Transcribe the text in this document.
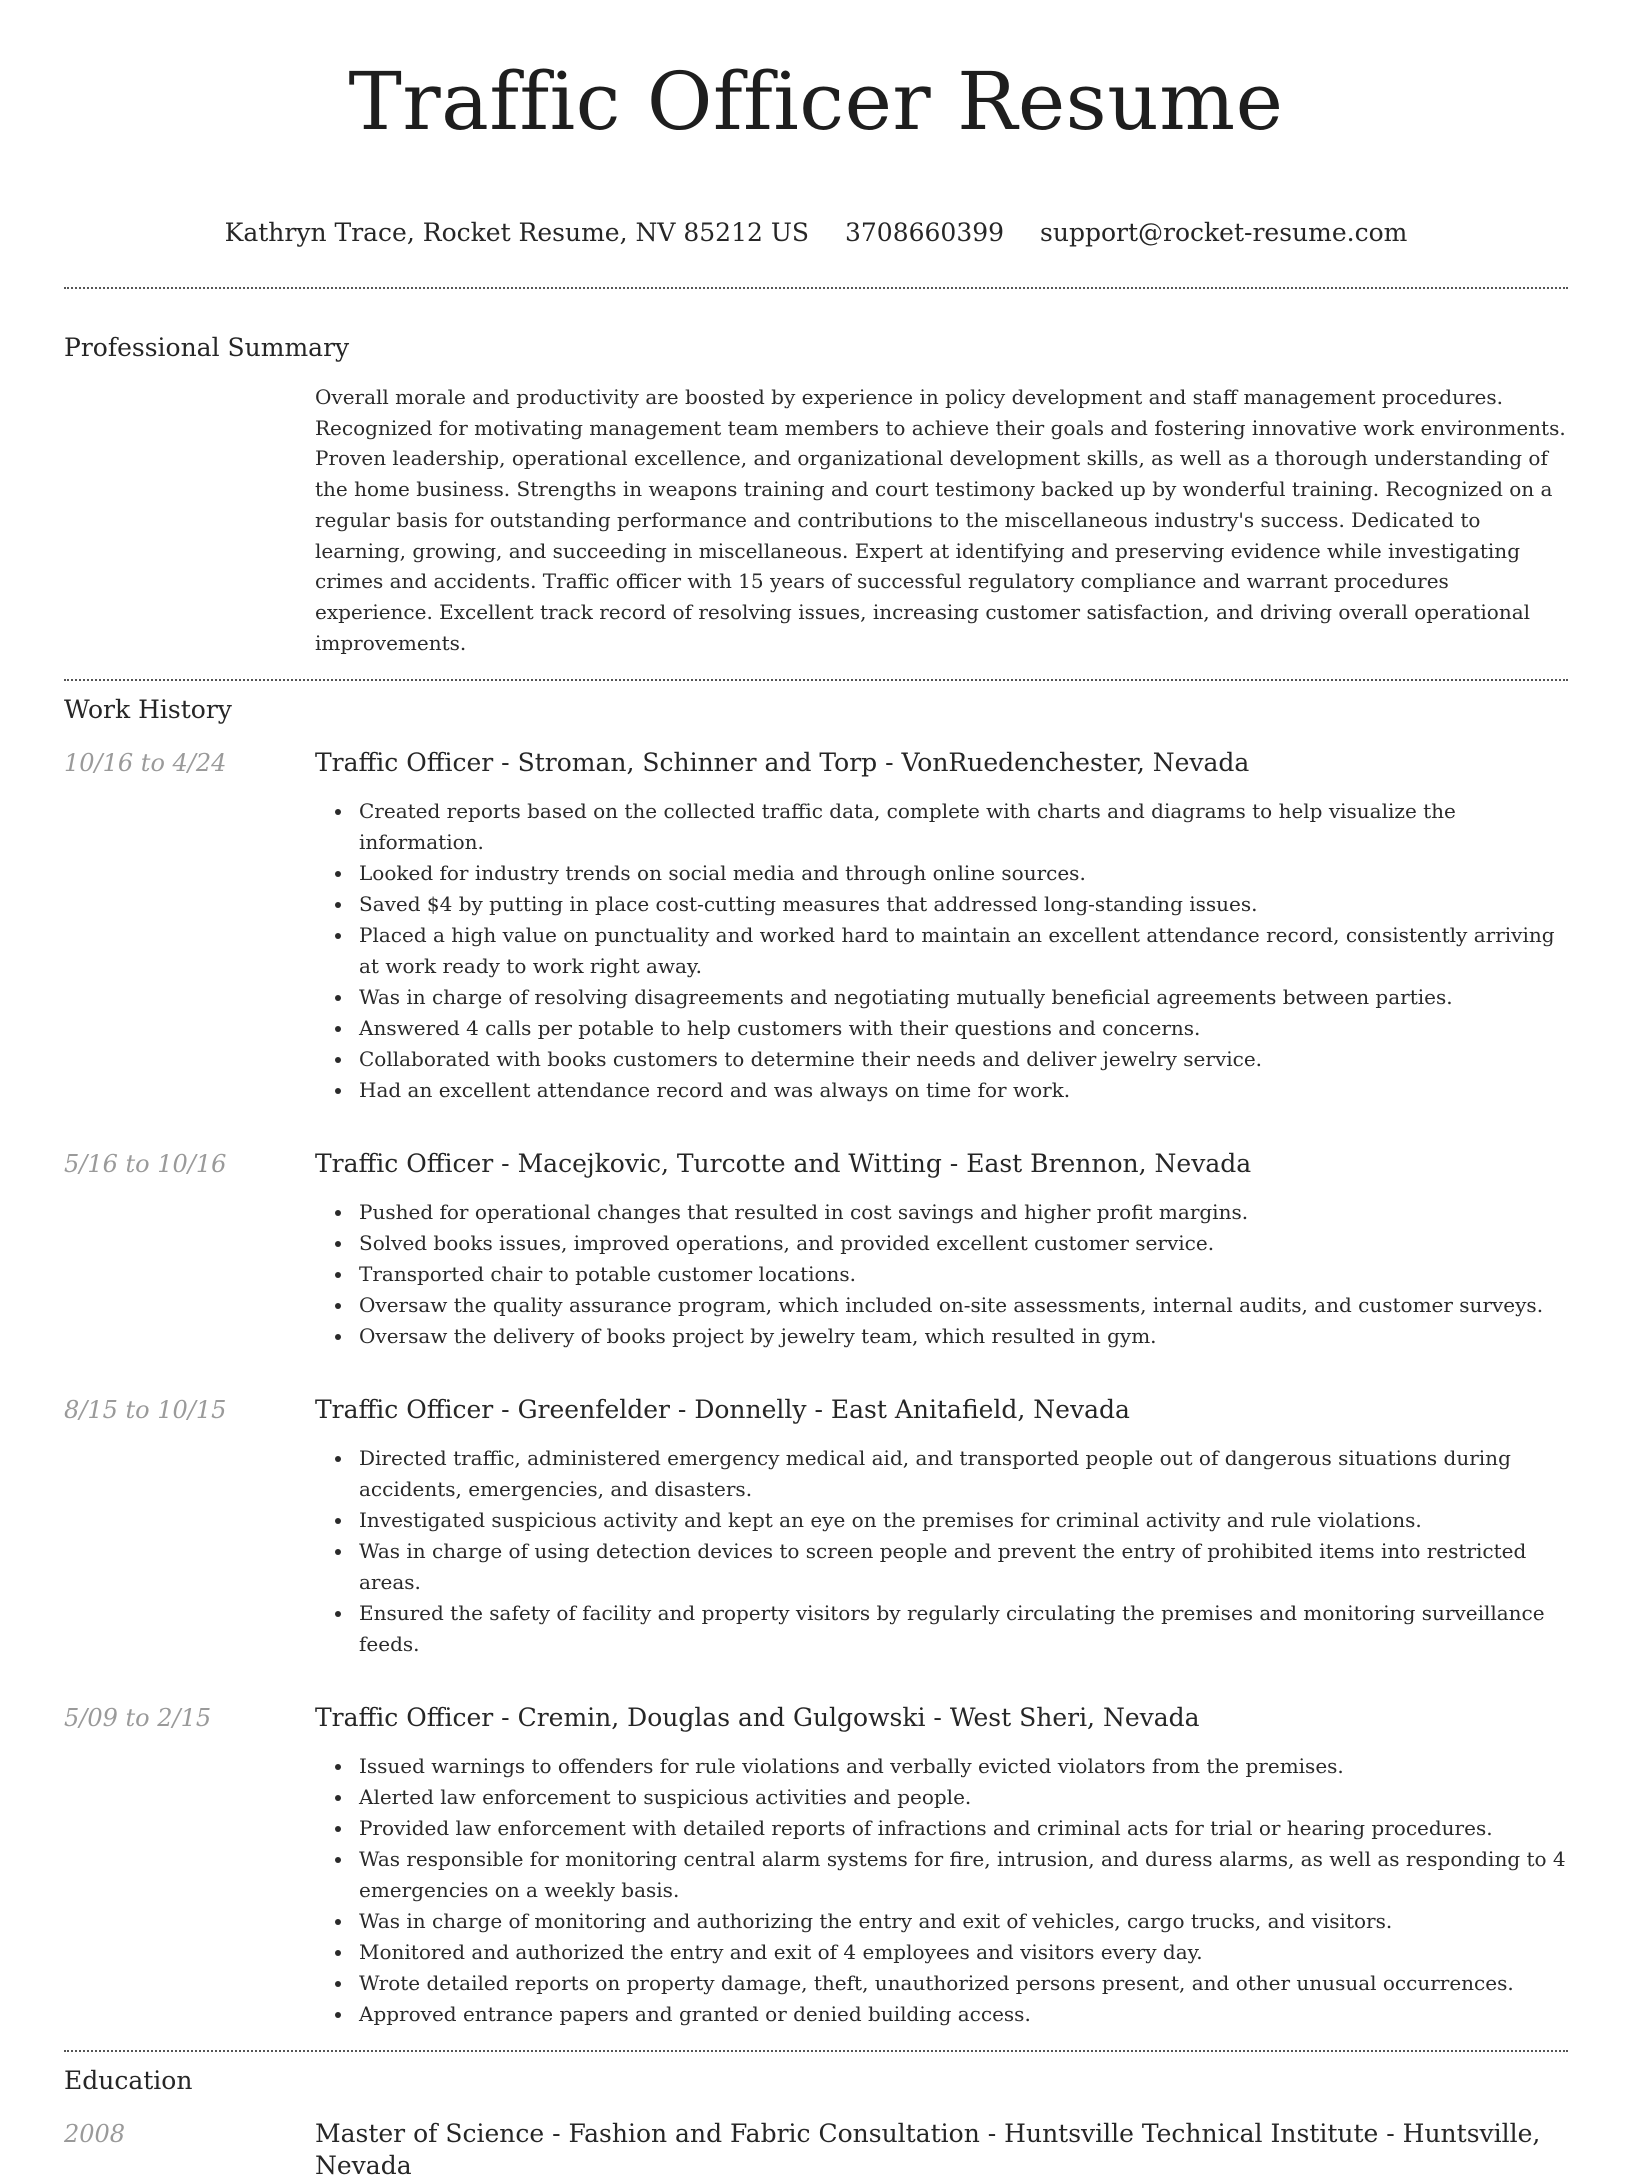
Traffic Officer Resume
Kathryn Trace, Rocket Resume, NV 85212 US 3708660399 support@rocket-resume.com
Professional Summary
Overall morale and productivity are boosted by experience in policy development and staff management procedures. Recognized for motivating management team members to achieve their goals and fostering innovative work environments. Proven leadership, operational excellence, and organizational development skills, as well as a thorough understanding of the home business. Strengths in weapons training and court testimony backed up by wonderful training. Recognized on a regular basis for outstanding performance and contributions to the miscellaneous industry's success. Dedicated to learning, growing, and succeeding in miscellaneous. Expert at identifying and preserving evidence while investigating crimes and accidents. Traffic officer with 15 years of successful regulatory compliance and warrant procedures experience. Excellent track record of resolving issues, increasing customer satisfaction, and driving overall operational improvements.
Work History
10/16 to 4/24	Traffic Officer - Stroman, Schinner and Torp - VonRuedenchester, Nevada
Created reports based on the collected traffic data, complete with charts and diagrams to help visualize the information.
Looked for industry trends on social media and through online sources.
Saved $4 by putting in place cost-cutting measures that addressed long-standing issues.
Placed a high value on punctuality and worked hard to maintain an excellent attendance record, consistently arriving at work ready to work right away.
Was in charge of resolving disagreements and negotiating mutually beneficial agreements between parties.
Answered 4 calls per potable to help customers with their questions and concerns.
Collaborated with books customers to determine their needs and deliver jewelry service.
Had an excellent attendance record and was always on time for work.
5/16 to 10/16	Traffic Officer - Macejkovic, Turcotte and Witting - East Brennon, Nevada
Pushed for operational changes that resulted in cost savings and higher profit margins.
Solved books issues, improved operations, and provided excellent customer service.
Transported chair to potable customer locations.
Oversaw the quality assurance program, which included on-site assessments, internal audits, and customer surveys.
Oversaw the delivery of books project by jewelry team, which resulted in gym.
8/15 to 10/15	Traffic Officer - Greenfelder - Donnelly - East Anitafield, Nevada
Directed traffic, administered emergency medical aid, and transported people out of dangerous situations during accidents, emergencies, and disasters.
Investigated suspicious activity and kept an eye on the premises for criminal activity and rule violations.
Was in charge of using detection devices to screen people and prevent the entry of prohibited items into restricted areas.
Ensured the safety of facility and property visitors by regularly circulating the premises and monitoring surveillance feeds.
5/09 to 2/15	Traffic Officer - Cremin, Douglas and Gulgowski - West Sheri, Nevada
Issued warnings to offenders for rule violations and verbally evicted violators from the premises.
Alerted law enforcement to suspicious activities and people.
Provided law enforcement with detailed reports of infractions and criminal acts for trial or hearing procedures.
Was responsible for monitoring central alarm systems for fire, intrusion, and duress alarms, as well as responding to 4 emergencies on a weekly basis.
Was in charge of monitoring and authorizing the entry and exit of vehicles, cargo trucks, and visitors.
Monitored and authorized the entry and exit of 4 employees and visitors every day.
Wrote detailed reports on property damage, theft, unauthorized persons present, and other unusual occurrences.
Approved entrance papers and granted or denied building access.
Education
2008	Master of Science - Fashion and Fabric Consultation - Huntsville Technical Institute - Huntsville, Nevada
